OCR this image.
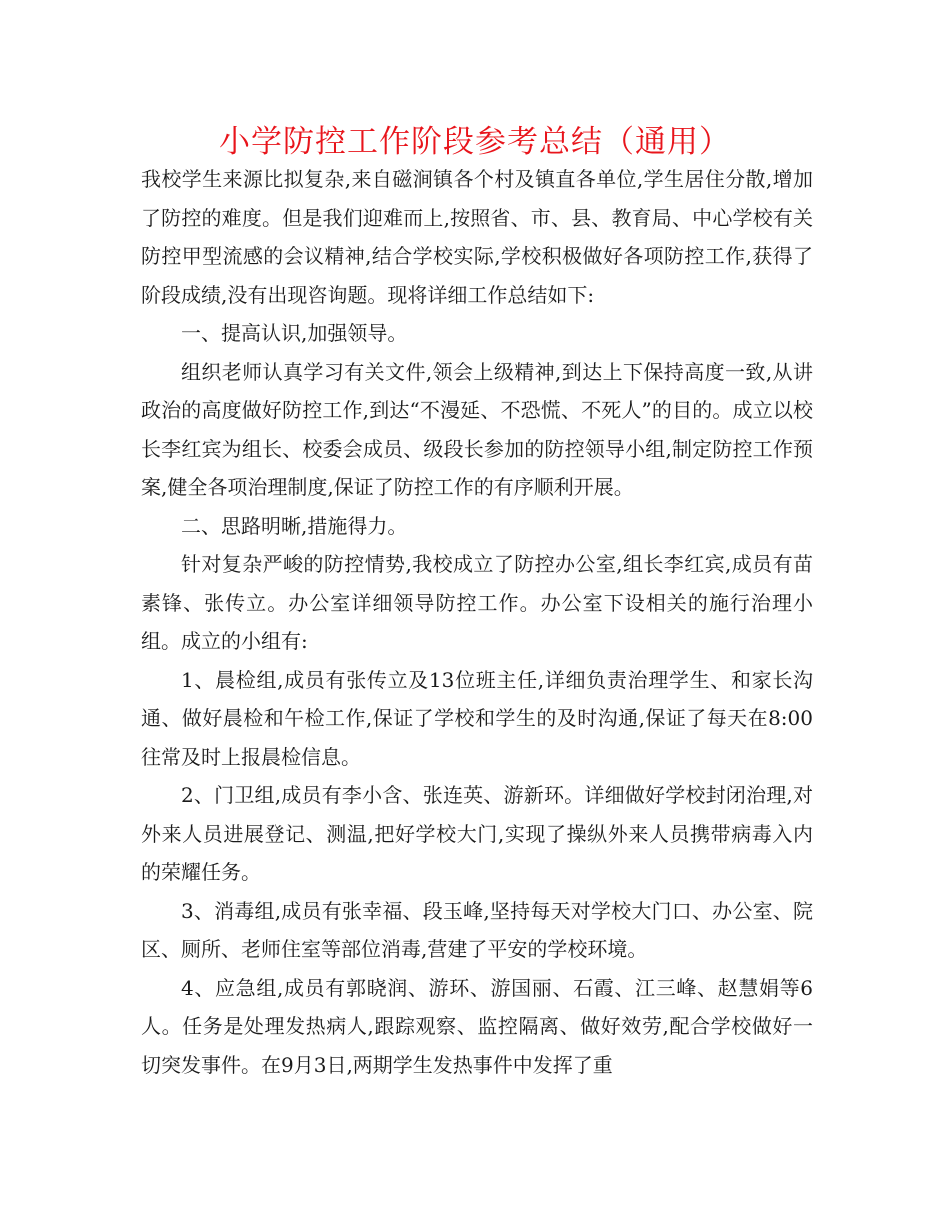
小学防控工作阶段参考总结（通用）

我校学生来源比拟复杂,来自磁涧镇各个村及镇直各单位,学生居住分散,增加了防控的难度。但是我们迎难而上,按照省、市、县、教育局、中心学校有关防控甲型流感的会议精神,结合学校实际,学校积极做好各项防控工作,获得了阶段成绩,没有出现咨询题。现将详细工作总结如下:

一、提高认识,加强领导。

组织老师认真学习有关文件,领会上级精神,到达上下保持高度一致,从讲政治的高度做好防控工作,到达“不漫延、不恐慌、不死人”的目的。成立以校长李红宾为组长、校委会成员、级段长参加的防控领导小组,制定防控工作预案,健全各项治理制度,保证了防控工作的有序顺利开展。

二、思路明晰,措施得力。

针对复杂严峻的防控情势,我校成立了防控办公室,组长李红宾,成员有苗素锋、张传立。办公室详细领导防控工作。办公室下设相关的施行治理小组。成立的小组有:

1、晨检组,成员有张传立及13位班主任,详细负责治理学生、和家长沟通、做好晨检和午检工作,保证了学校和学生的及时沟通,保证了每天在8:00往常及时上报晨检信息。

2、门卫组,成员有李小含、张连英、游新环。详细做好学校封闭治理,对外来人员进展登记、测温,把好学校大门,实现了操纵外来人员携带病毒入内的荣耀任务。

3、消毒组,成员有张幸福、段玉峰,坚持每天对学校大门口、办公室、院区、厕所、老师住室等部位消毒,营建了平安的学校环境。

4、应急组,成员有郭晓润、游环、游国丽、石霞、江三峰、赵慧娟等6人。任务是处理发热病人,跟踪观察、监控隔离、做好效劳,配合学校做好一切突发事件。在9月3日,两期学生发热事件中发挥了重
